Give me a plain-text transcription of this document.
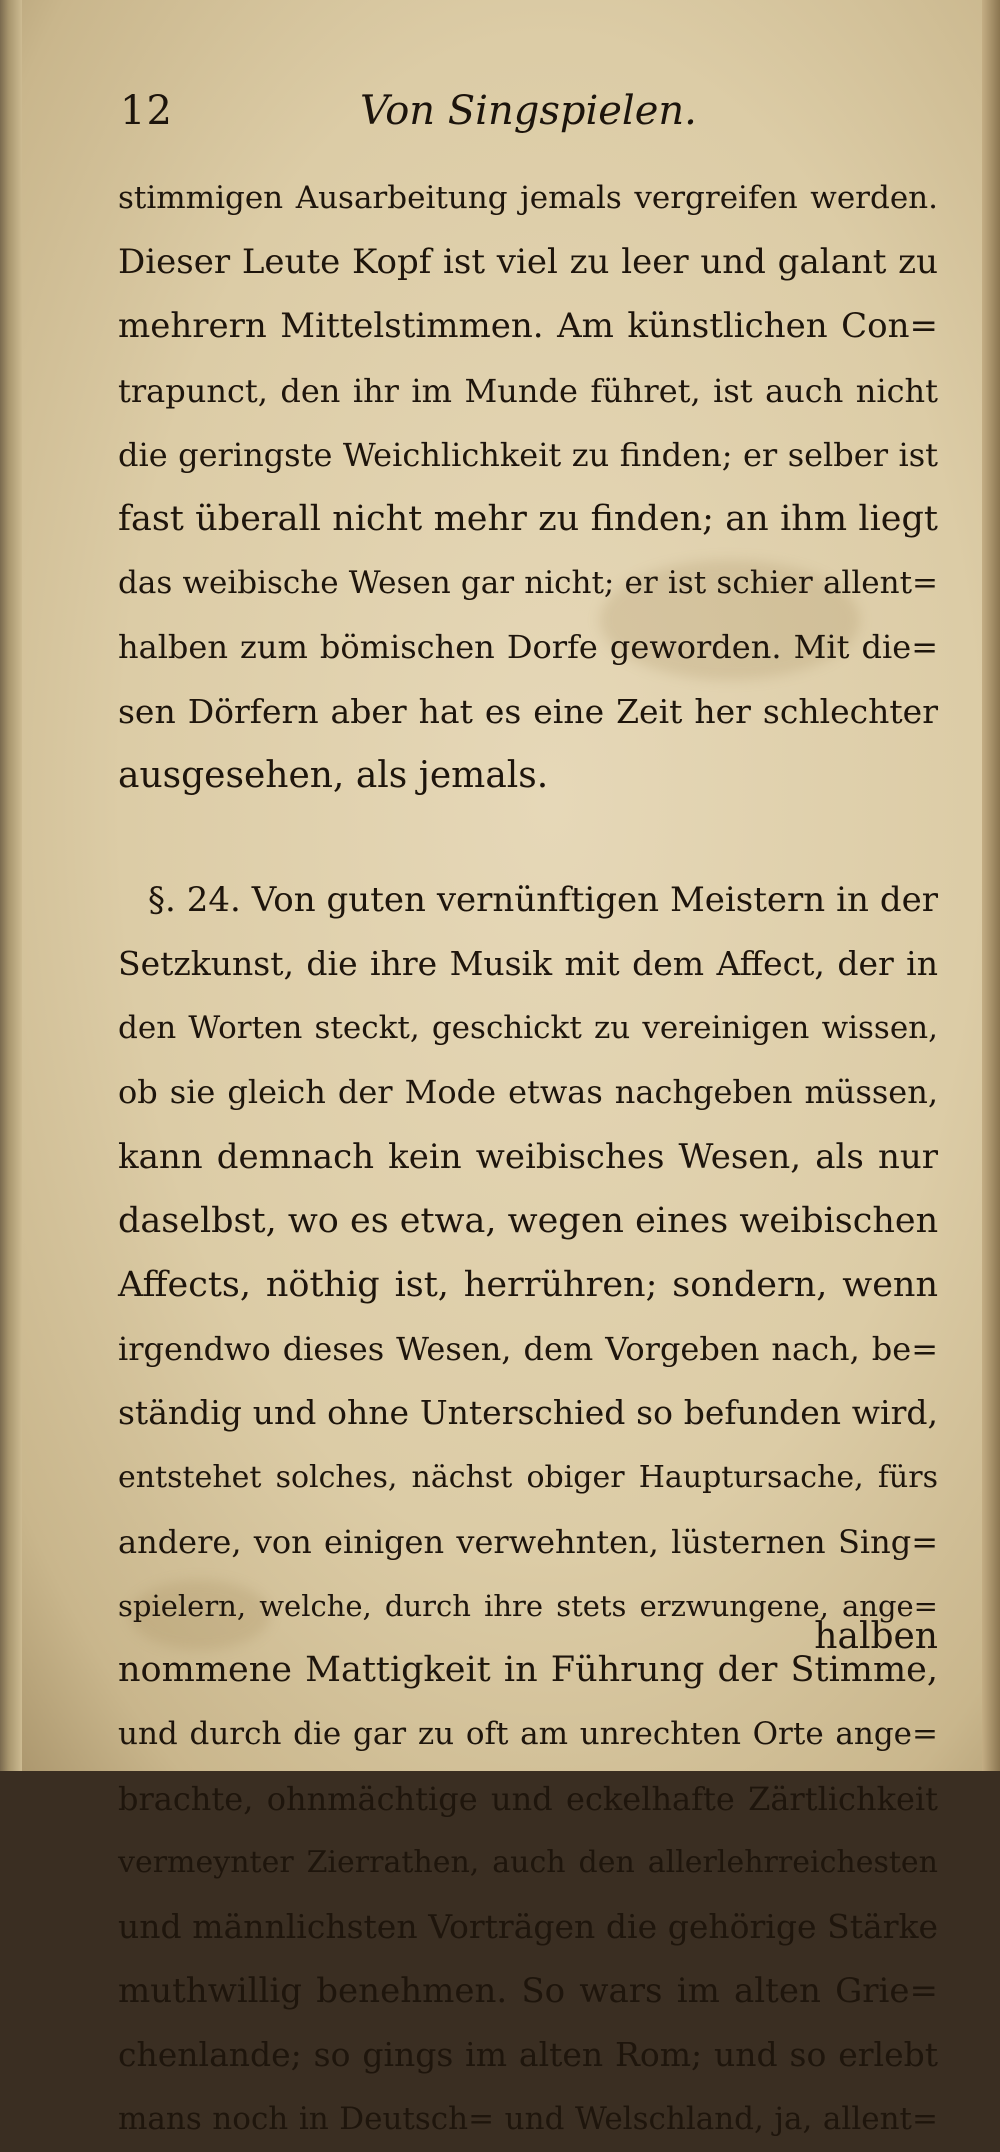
12	Von Singspielen.
stimmigen Ausarbeitung jemals vergreifen werden.
Dieser Leute Kopf ist viel zu leer und galant zu
mehrern Mittelstimmen. Am künstlichen Con=
trapunct, den ihr im Munde führet, ist auch nicht
die geringste Weichlichkeit zu finden; er selber ist
fast überall nicht mehr zu finden; an ihm liegt
das weibische Wesen gar nicht; er ist schier allent=
halben zum bömischen Dorfe geworden. Mit die=
sen Dörfern aber hat es eine Zeit her schlechter
ausgesehen, als jemals.
§. 24. Von guten vernünftigen Meistern in der
Setzkunst, die ihre Musik mit dem Affect, der in
den Worten steckt, geschickt zu vereinigen wissen,
ob sie gleich der Mode etwas nachgeben müssen,
kann demnach kein weibisches Wesen, als nur
daselbst, wo es etwa, wegen eines weibischen
Affects, nöthig ist, herrühren; sondern, wenn
irgendwo dieses Wesen, dem Vorgeben nach, be=
ständig und ohne Unterschied so befunden wird,
entstehet solches, nächst obiger Hauptursache, fürs
andere, von einigen verwehnten, lüsternen Sing=
spielern, welche, durch ihre stets erzwungene, ange=
nommene Mattigkeit in Führung der Stimme,
und durch die gar zu oft am unrechten Orte ange=
brachte, ohnmächtige und eckelhafte Zärtlichkeit
vermeynter Zierrathen, auch den allerlehrreichesten
und männlichsten Vorträgen die gehörige Stärke
muthwillig benehmen. So wars im alten Grie=
chenlande; so gings im alten Rom; und so erlebt
mans noch in Deutsch= und Welschland, ja, allent=
halben
